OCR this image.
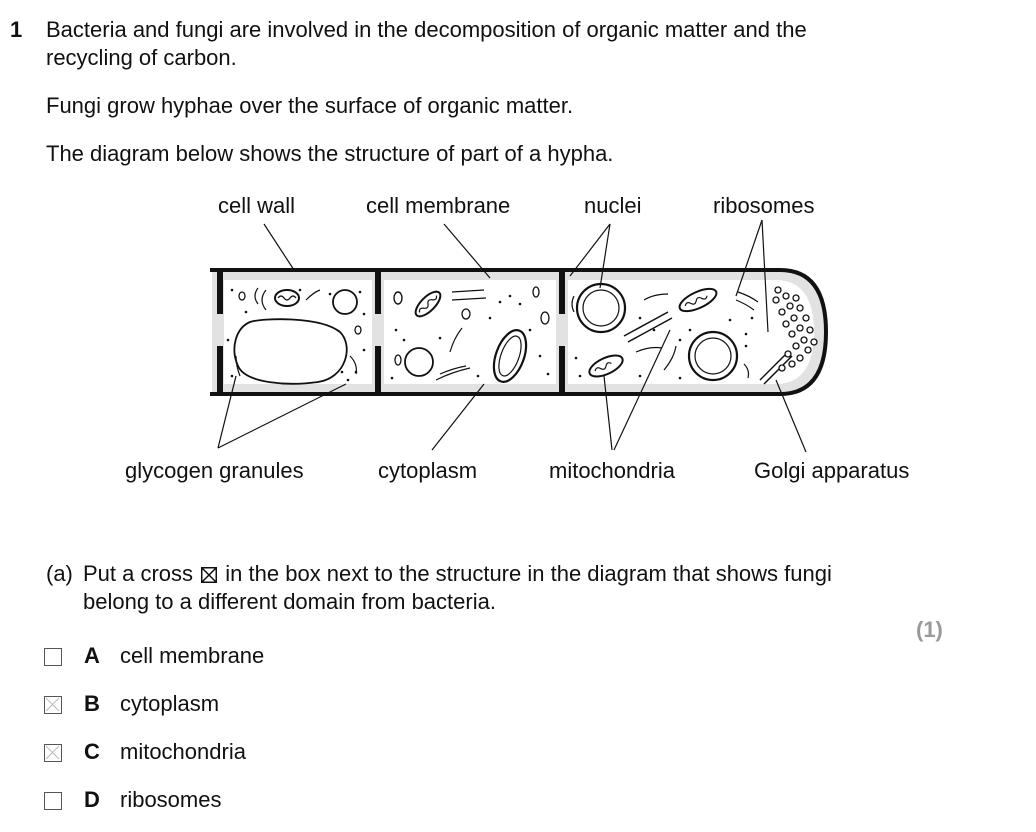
1 Bacteria and fungi are involved in the decomposition of organic matter and the
recycling of carbon.
Fungi grow hyphae over the surface of organic matter.
The diagram below shows the structure of part of a hypha.
cell wall	cell membrane	nuclei	ribosomes
glycogen granules	cytoplasm	mitochondria	Golgi apparatus
(a) Put a cross ☒ in the box next to the structure in the diagram that shows fungi
belong to a different domain from bacteria.
(1)
A cell membrane
B cytoplasm
C mitochondria
D ribosomes
